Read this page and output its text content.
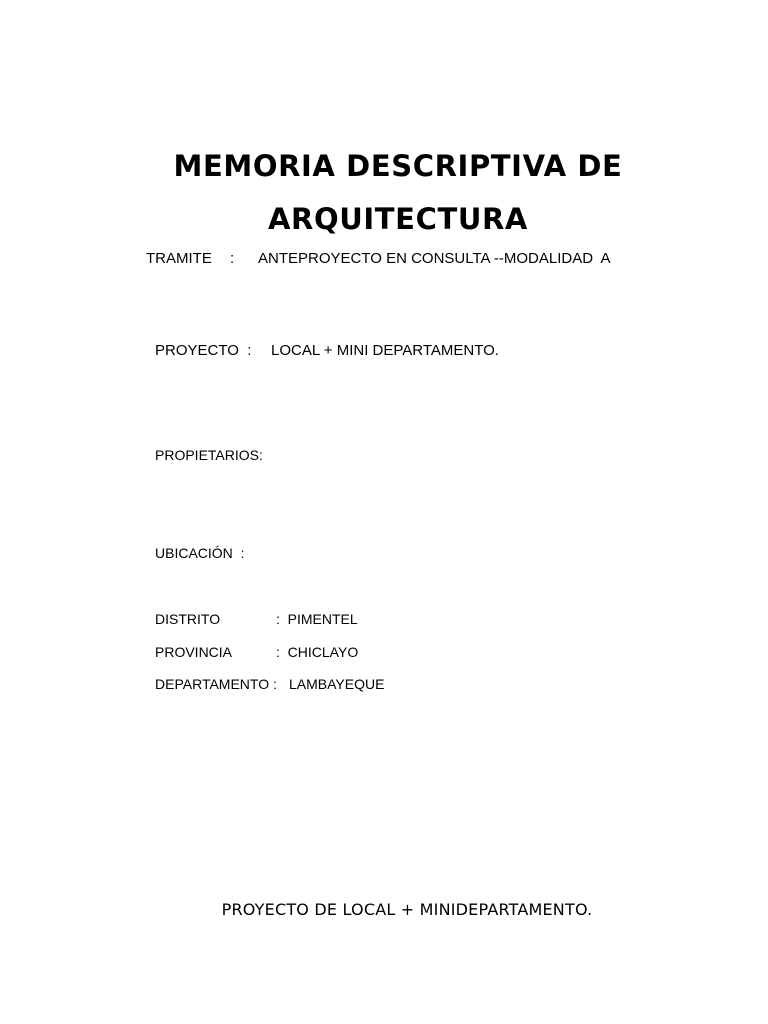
MEMORIA DESCRIPTIVA DE
ARQUITECTURA
TRAMITE	:	ANTEPROYECTO EN CONSULTA --MODALIDAD  A
PROYECTO  :	LOCAL + MINI DEPARTAMENTO.
PROPIETARIOS:
UBICACIÓN  :
DISTRITO	:  PIMENTEL
PROVINCIA	:  CHICLAYO
DEPARTAMENTO : LAMBAYEQUE
PROYECTO DE LOCAL + MINIDEPARTAMENTO.
